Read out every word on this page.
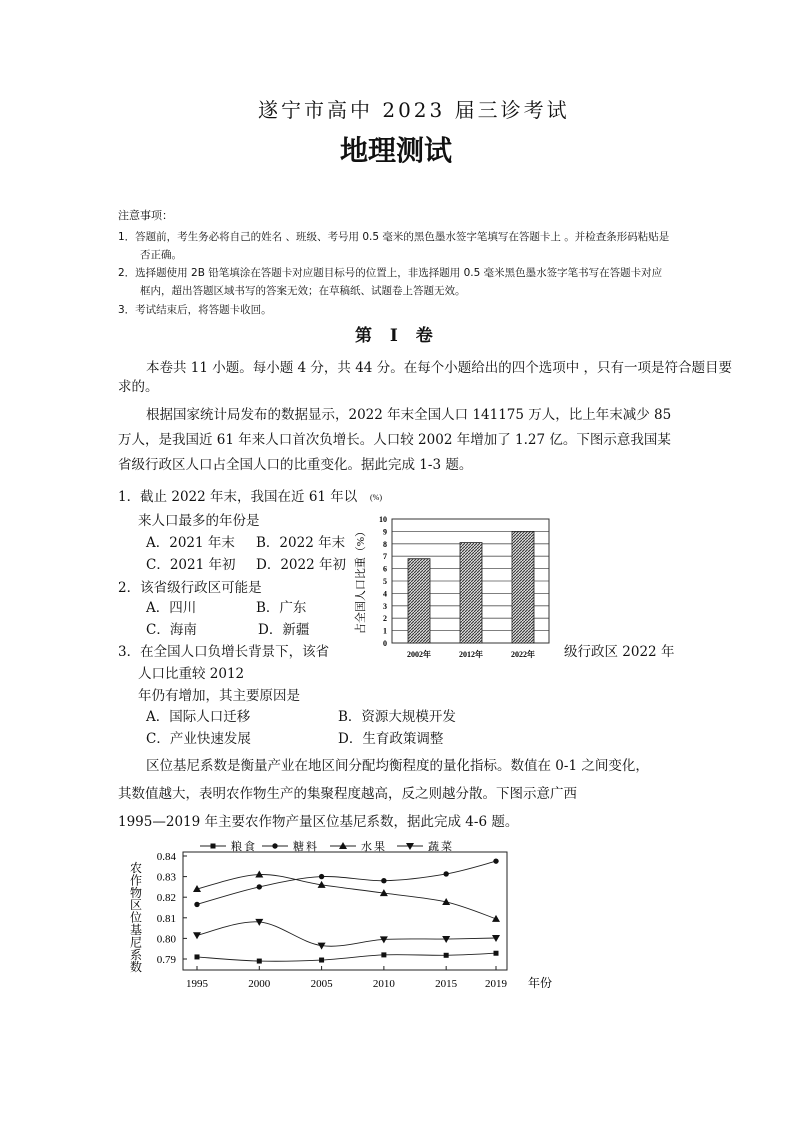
遂宁市高中 2023 届三诊考试
地理测试
注意事项：
1．答题前，考生务必将自己的姓名 、班级、考号用 0.5 毫米的黑色墨水签字笔填写在答题卡上 。并检查条形码粘贴是
否正确。
2．选择题使用 2B 铅笔填涂在答题卡对应题目标号的位置上，非选择题用 0.5 毫米黑色墨水签字笔书写在答题卡对应
框内，超出答题区域书写的答案无效；在草稿纸、试题卷上答题无效。
3．考试结束后，将答题卡收回。
第 Ⅰ 卷
本卷共 11 小题。每小题 4 分，共 44 分。在每个小题给出的四个选项中 ，只有一项是符合题目要
求的。
根据国家统计局发布的数据显示，2022 年末全国人口 141175 万人，比上年末减少 85
万人，是我国近 61 年来人口首次负增长。人口较 2002 年增加了 1.27 亿。下图示意我国某
省级行政区人口占全国人口的比重变化。据此完成 1-3 题。
1．截止 2022 年末，我国在近 61 年以
来人口最多的年份是
A．2021 年末 B．2022 年末
C．2021 年初 D．2022 年初
2．该省级行政区可能是
A．四川	B．广东
C．海南	D．新疆
3．在全国人口负增长背景下，该省	级行政区 2022 年
人口比重较 2012
年仍有增加，其主要原因是
A．国际人口迁移	B．资源大规模开发
C．产业快速发展	D．生育政策调整
区位基尼系数是衡量产业在地区间分配均衡程度的量化指标。数值在 0-1 之间变化，
其数值越大，表明农作物生产的集聚程度越高，反之则越分散。下图示意广西
1995—2019 年主要农作物产量区位基尼系数，据此完成 4-6 题。
0
1
2
3
4
5
6
7
8
9
10
2002年	2012年	2022年
(%)
占全国人口比重（%）
0.79
0.80
0.81
0.82
0.83
0.84
1995	2000	2005	2010	2015	2019 年份
农
作
物
区
位
基
尼
系
数
粮食	糖料	水果	蔬菜
